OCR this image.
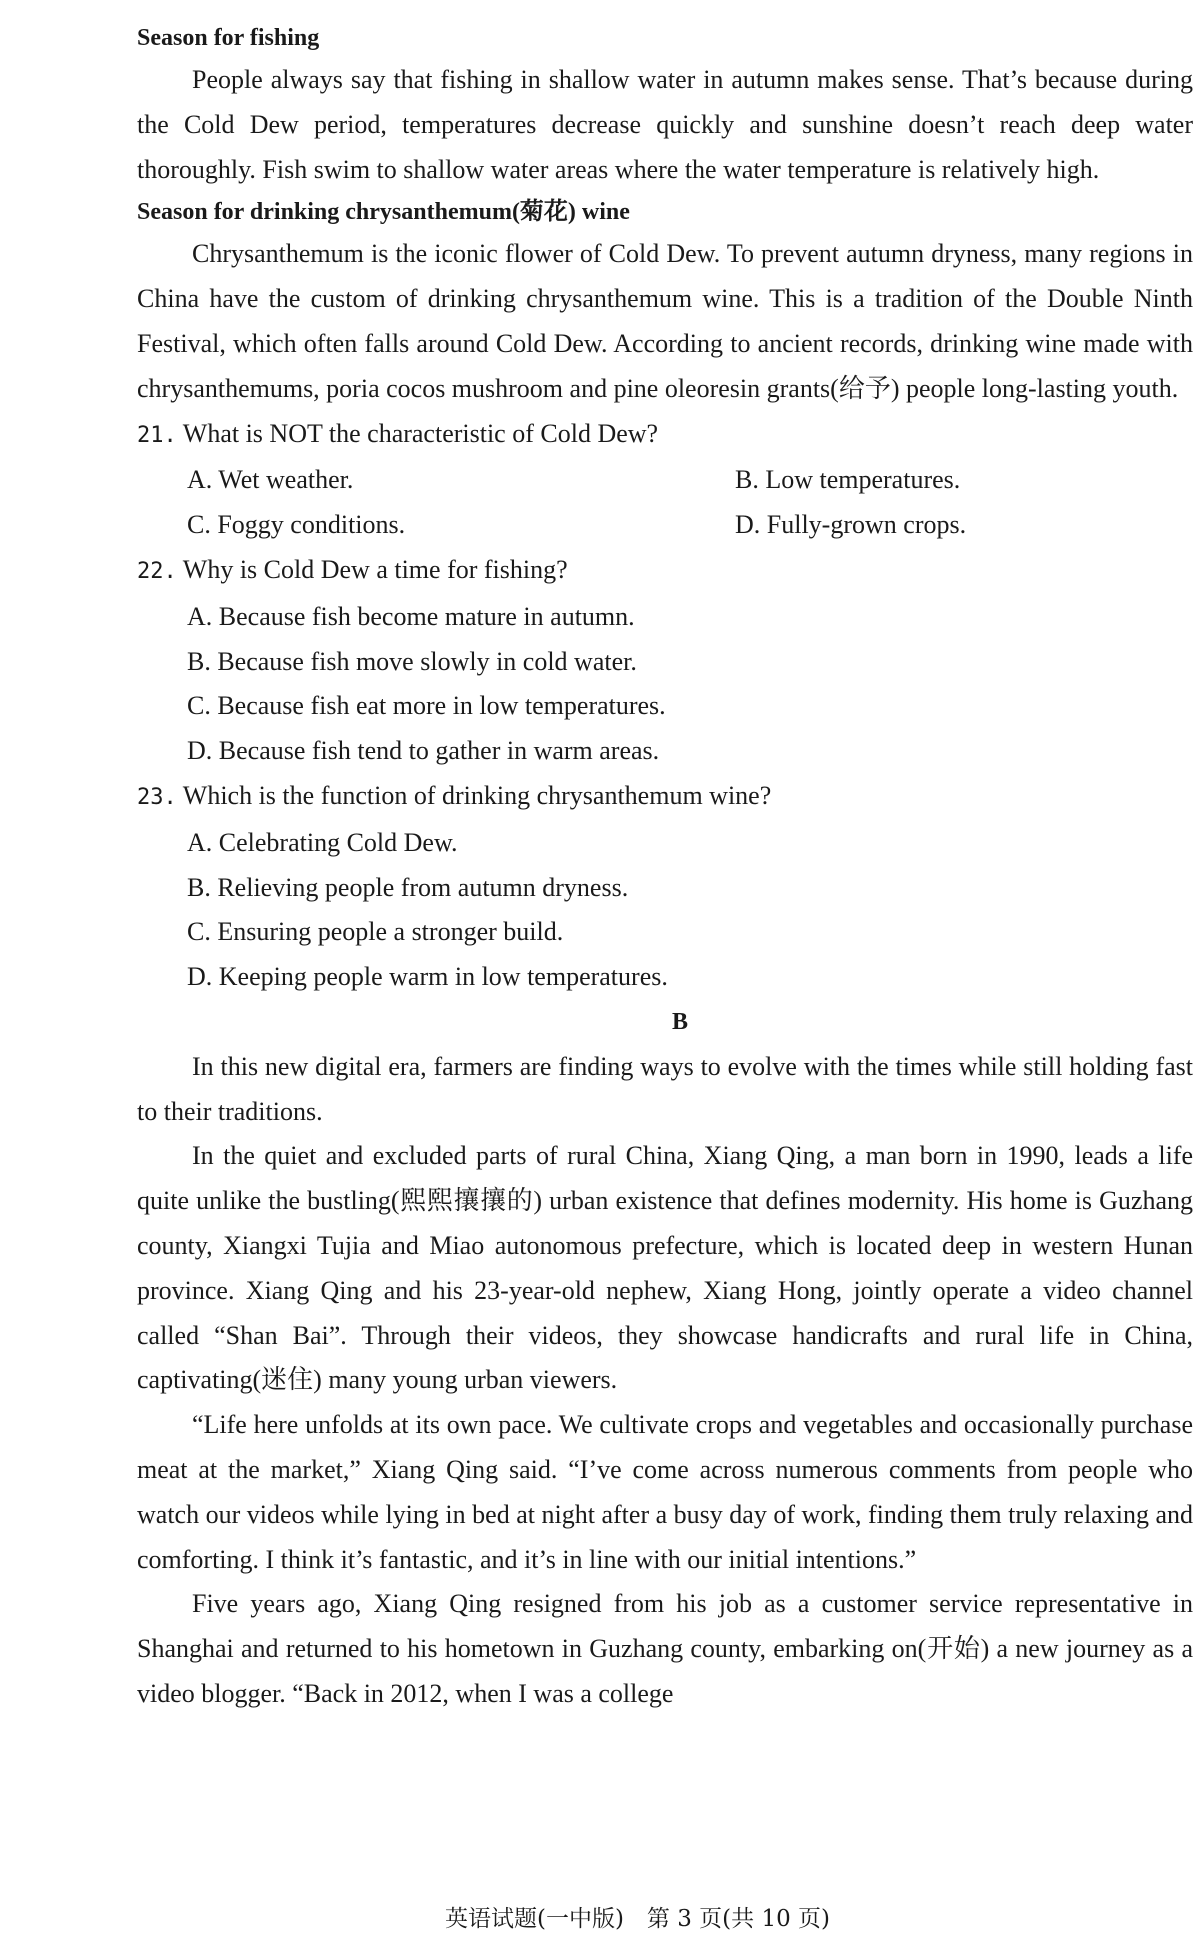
Season for fishing

People always say that fishing in shallow water in autumn makes sense. That’s because during the Cold Dew period, temperatures decrease quickly and sunshine doesn’t reach deep water thoroughly. Fish swim to shallow water areas where the water temperature is relatively high.

Season for drinking chrysanthemum(菊花) wine

Chrysanthemum is the iconic flower of Cold Dew. To prevent autumn dryness, many regions in China have the custom of drinking chrysanthemum wine. This is a tradition of the Double Ninth Festival, which often falls around Cold Dew. According to ancient records, drinking wine made with chrysanthemums, poria cocos mushroom and pine oleoresin grants(给予) people long-lasting youth.

21. What is NOT the characteristic of Cold Dew?

A. Wet weather.	B. Low temperatures.

C. Foggy conditions.	D. Fully-grown crops.

22. Why is Cold Dew a time for fishing?

A. Because fish become mature in autumn.

B. Because fish move slowly in cold water.

C. Because fish eat more in low temperatures.

D. Because fish tend to gather in warm areas.

23. Which is the function of drinking chrysanthemum wine?

A. Celebrating Cold Dew.

B. Relieving people from autumn dryness.

C. Ensuring people a stronger build.

D. Keeping people warm in low temperatures.

B

In this new digital era, farmers are finding ways to evolve with the times while still holding fast to their traditions.

In the quiet and excluded parts of rural China, Xiang Qing, a man born in 1990, leads a life quite unlike the bustling(熙熙攘攘的) urban existence that defines modernity. His home is Guzhang county, Xiangxi Tujia and Miao autonomous prefecture, which is located deep in western Hunan province. Xiang Qing and his 23-year-old nephew, Xiang Hong, jointly operate a video channel called “Shan Bai”. Through their videos, they showcase handicrafts and rural life in China, captivating(迷住) many young urban viewers.

“Life here unfolds at its own pace. We cultivate crops and vegetables and occasionally purchase meat at the market,” Xiang Qing said. “I’ve come across numerous comments from people who watch our videos while lying in bed at night after a busy day of work, finding them truly relaxing and comforting. I think it’s fantastic, and it’s in line with our initial intentions.”

Five years ago, Xiang Qing resigned from his job as a customer service representative in Shanghai and returned to his hometown in Guzhang county, embarking on(开始) a new journey as a video blogger. “Back in 2012, when I was a college

英语试题(一中版)　第 3 页(共 10 页)
